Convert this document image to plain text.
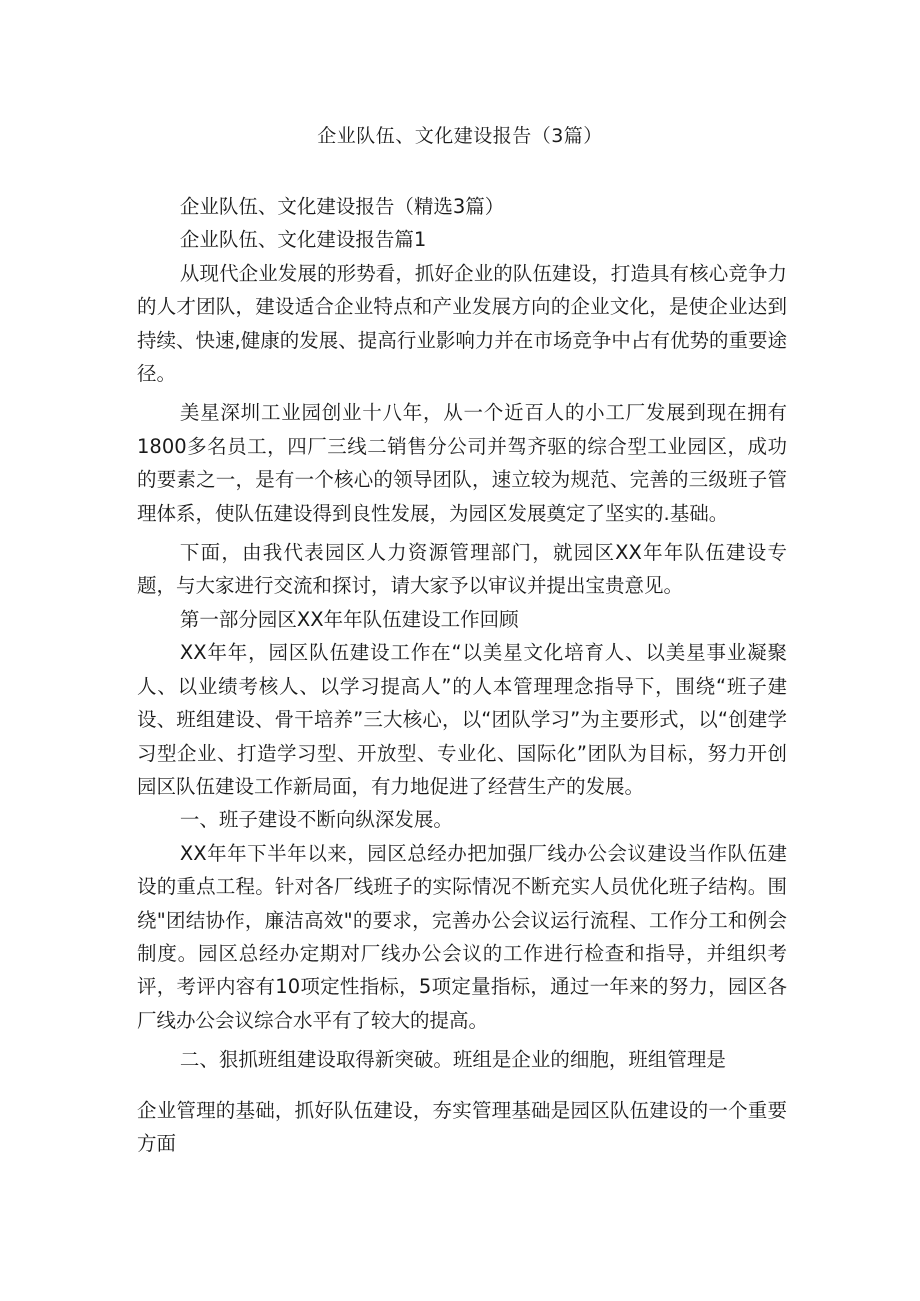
企业队伍、文化建设报告（3篇）

企业队伍、文化建设报告（精选3篇）

企业队伍、文化建设报告篇1

从现代企业发展的形势看，抓好企业的队伍建设，打造具有核心竞争力的人才团队，建设适合企业特点和产业发展方向的企业文化，是使企业达到持续、快速,健康的发展、提高行业影响力并在市场竞争中占有优势的重要途径。

美星深圳工业园创业十八年，从一个近百人的小工厂发展到现在拥有1800多名员工，四厂三线二销售分公司并驾齐驱的综合型工业园区，成功的要素之一，是有一个核心的领导团队，速立较为规范、完善的三级班子管理体系，使队伍建设得到良性发展，为园区发展奠定了坚实的.基础。

下面，由我代表园区人力资源管理部门，就园区XX年年队伍建设专题，与大家进行交流和探讨，请大家予以审议并提出宝贵意见。

第一部分园区XX年年队伍建设工作回顾

XX年年，园区队伍建设工作在“以美星文化培育人、以美星事业凝聚人、以业绩考核人、以学习提高人”的人本管理理念指导下，围绕“班子建设、班组建设、骨干培养”三大核心，以“团队学习”为主要形式，以“创建学习型企业、打造学习型、开放型、专业化、国际化”团队为目标，努力开创园区队伍建设工作新局面，有力地促进了经营生产的发展。

一、班子建设不断向纵深发展。

XX年年下半年以来，园区总经办把加强厂线办公会议建设当作队伍建设的重点工程。针对各厂线班子的实际情况不断充实人员优化班子结构。围绕"团结协作，廉洁高效"的要求，完善办公会议运行流程、工作分工和例会制度。园区总经办定期对厂线办公会议的工作进行检查和指导，并组织考评，考评内容有10项定性指标，5项定量指标，通过一年来的努力，园区各厂线办公会议综合水平有了较大的提高。

二、狠抓班组建设取得新突破。班组是企业的细胞，班组管理是

企业管理的基础，抓好队伍建设，夯实管理基础是园区队伍建设的一个重要方面
